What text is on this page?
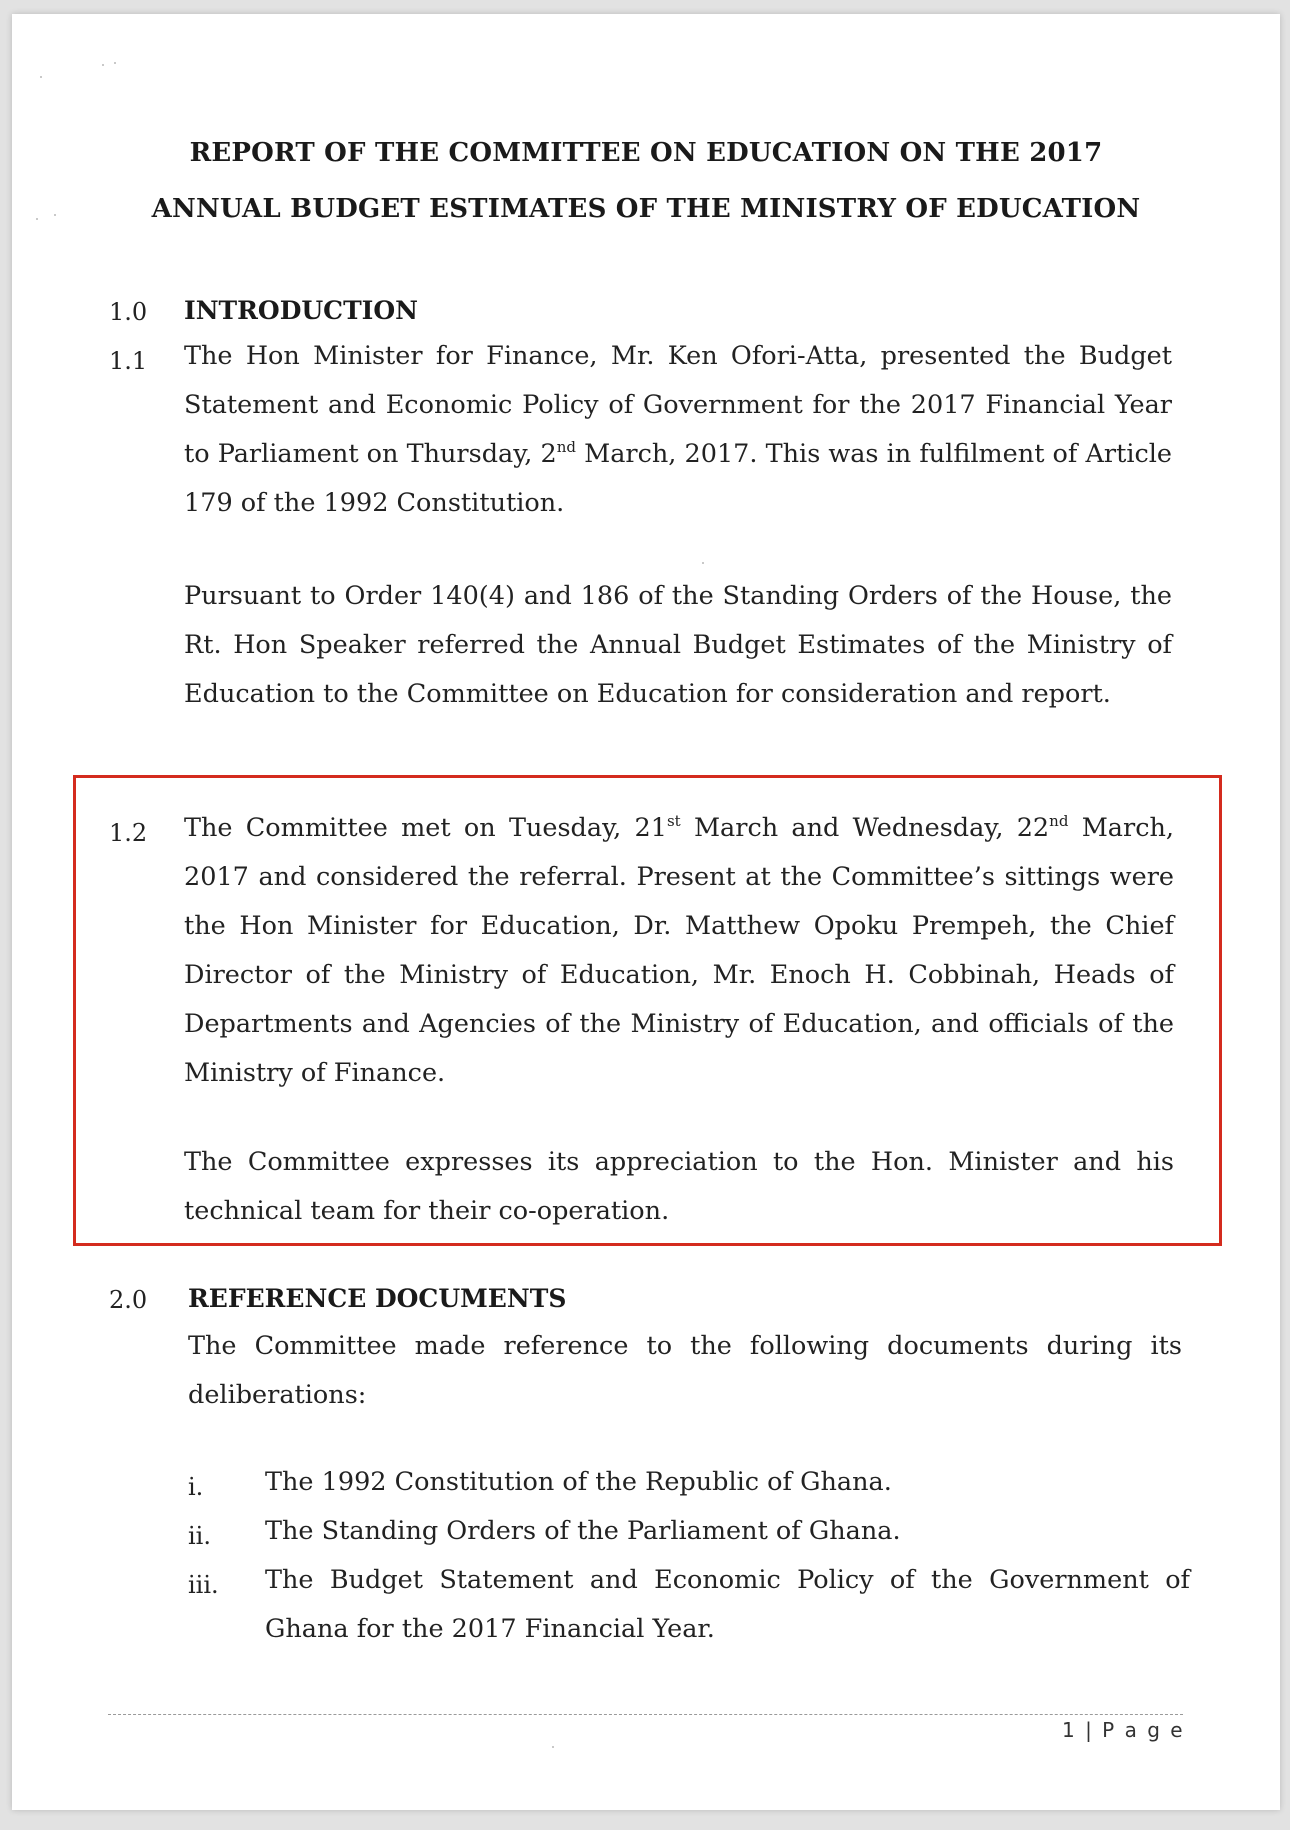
REPORT OF THE COMMITTEE ON EDUCATION ON THE 2017
ANNUAL BUDGET ESTIMATES OF THE MINISTRY OF EDUCATION
1.0 INTRODUCTION
1.1 The Hon Minister for Finance, Mr. Ken Ofori-Atta, presented the Budget Statement and Economic Policy of Government for the 2017 Financial Year to Parliament on Thursday, 2nd March, 2017. This was in fulfilment of Article 179 of the 1992 Constitution.

Pursuant to Order 140(4) and 186 of the Standing Orders of the House, the Rt. Hon Speaker referred the Annual Budget Estimates of the Ministry of Education to the Committee on Education for consideration and report.

1.2 The Committee met on Tuesday, 21st March and Wednesday, 22nd March, 2017 and considered the referral. Present at the Committee’s sittings were the Hon Minister for Education, Dr. Matthew Opoku Prempeh, the Chief Director of the Ministry of Education, Mr. Enoch H. Cobbinah, Heads of Departments and Agencies of the Ministry of Education, and officials of the Ministry of Finance.

The Committee expresses its appreciation to the Hon. Minister and his technical team for their co-operation.

2.0 REFERENCE DOCUMENTS

The Committee made reference to the following documents during its deliberations:

i. The 1992 Constitution of the Republic of Ghana.
ii. The Standing Orders of the Parliament of Ghana.
iii. The Budget Statement and Economic Policy of the Government of Ghana for the 2017 Financial Year.
1 | P a g e
